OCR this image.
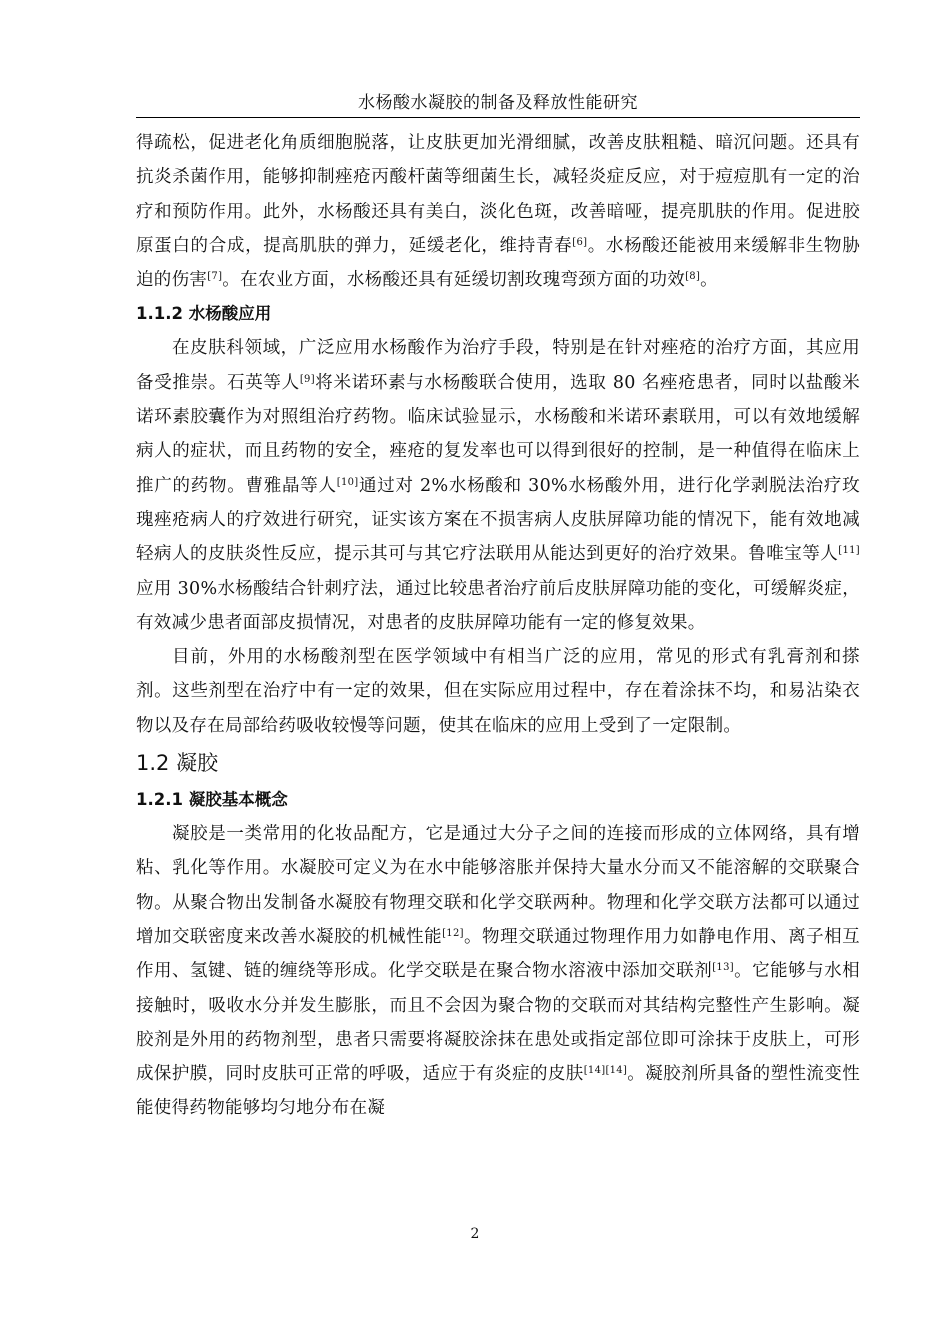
水杨酸水凝胶的制备及释放性能研究

得疏松，促进老化角质细胞脱落，让皮肤更加光滑细腻，改善皮肤粗糙、暗沉问题。还具有抗炎杀菌作用，能够抑制痤疮丙酸杆菌等细菌生长，减轻炎症反应，对于痘痘肌有一定的治疗和预防作用。此外，水杨酸还具有美白，淡化色斑，改善暗哑，提亮肌肤的作用。促进胶原蛋白的合成，提高肌肤的弹力，延缓老化，维持青春[6]。水杨酸还能被用来缓解非生物胁迫的伤害[7]。在农业方面，水杨酸还具有延缓切割玫瑰弯颈方面的功效[8]。

1.1.2 水杨酸应用

在皮肤科领域，广泛应用水杨酸作为治疗手段，特别是在针对痤疮的治疗方面，其应用备受推崇。石英等人[9]将米诺环素与水杨酸联合使用，选取 80 名痤疮患者，同时以盐酸米诺环素胶囊作为对照组治疗药物。临床试验显示，水杨酸和米诺环素联用，可以有效地缓解病人的症状，而且药物的安全，痤疮的复发率也可以得到很好的控制，是一种值得在临床上推广的药物。曹雅晶等人[10]通过对 2%水杨酸和 30%水杨酸外用，进行化学剥脱法治疗玫瑰痤疮病人的疗效进行研究，证实该方案在不损害病人皮肤屏障功能的情况下，能有效地减轻病人的皮肤炎性反应，提示其可与其它疗法联用从能达到更好的治疗效果。鲁唯宝等人[11]应用 30%水杨酸结合针刺疗法，通过比较患者治疗前后皮肤屏障功能的变化，可缓解炎症，有效减少患者面部皮损情况，对患者的皮肤屏障功能有一定的修复效果。

目前，外用的水杨酸剂型在医学领域中有相当广泛的应用，常见的形式有乳膏剂和搽剂。这些剂型在治疗中有一定的效果，但在实际应用过程中，存在着涂抹不均，和易沾染衣物以及存在局部给药吸收较慢等问题，使其在临床的应用上受到了一定限制。

1.2 凝胶
1.2.1 凝胶基本概念

凝胶是一类常用的化妆品配方，它是通过大分子之间的连接而形成的立体网络，具有增粘、乳化等作用。水凝胶可定义为在水中能够溶胀并保持大量水分而又不能溶解的交联聚合物。从聚合物出发制备水凝胶有物理交联和化学交联两种。物理和化学交联方法都可以通过增加交联密度来改善水凝胶的机械性能[12]。物理交联通过物理作用力如静电作用、离子相互作用、氢键、链的缠绕等形成。化学交联是在聚合物水溶液中添加交联剂[13]。它能够与水相接触时，吸收水分并发生膨胀，而且不会因为聚合物的交联而对其结构完整性产生影响。凝胶剂是外用的药物剂型，患者只需要将凝胶涂抹在患处或指定部位即可涂抹于皮肤上，可形成保护膜，同时皮肤可正常的呼吸，适应于有炎症的皮肤[14][14]。凝胶剂所具备的塑性流变性能使得药物能够均匀地分布在凝

2
